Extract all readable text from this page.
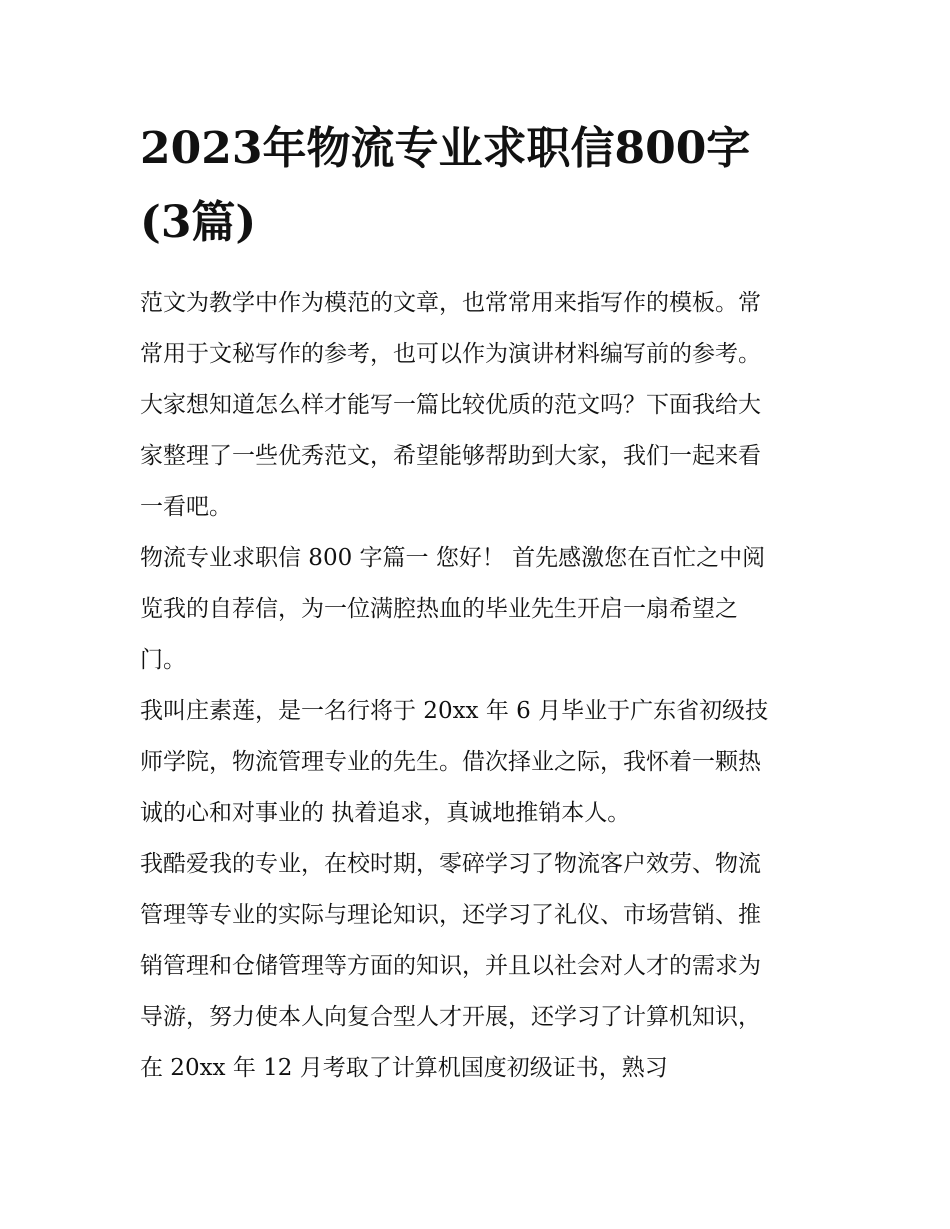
2023年物流专业求职信800字
(3篇)

范文为教学中作为模范的文章，也常常用来指写作的模板。常
常用于文秘写作的参考，也可以作为演讲材料编写前的参考。
大家想知道怎么样才能写一篇比较优质的范文吗？下面我给大
家整理了一些优秀范文，希望能够帮助到大家，我们一起来看
一看吧。

物流专业求职信 800 字篇一 您好！ 首先感激您在百忙之中阅
览我的自荐信，为一位满腔热血的毕业先生开启一扇希望之
门。

我叫庄素莲，是一名行将于 20xx 年 6 月毕业于广东省初级技
师学院，物流管理专业的先生。借次择业之际，我怀着一颗热
诚的心和对事业的 执着追求，真诚地推销本人。

我酷爱我的专业，在校时期，零碎学习了物流客户效劳、物流
管理等专业的实际与理论知识，还学习了礼仪、市场营销、推
销管理和仓储管理等方面的知识，并且以社会对人才的需求为
导游，努力使本人向复合型人才开展，还学习了计算机知识，
在 20xx 年 12 月考取了计算机国度初级证书，熟习
